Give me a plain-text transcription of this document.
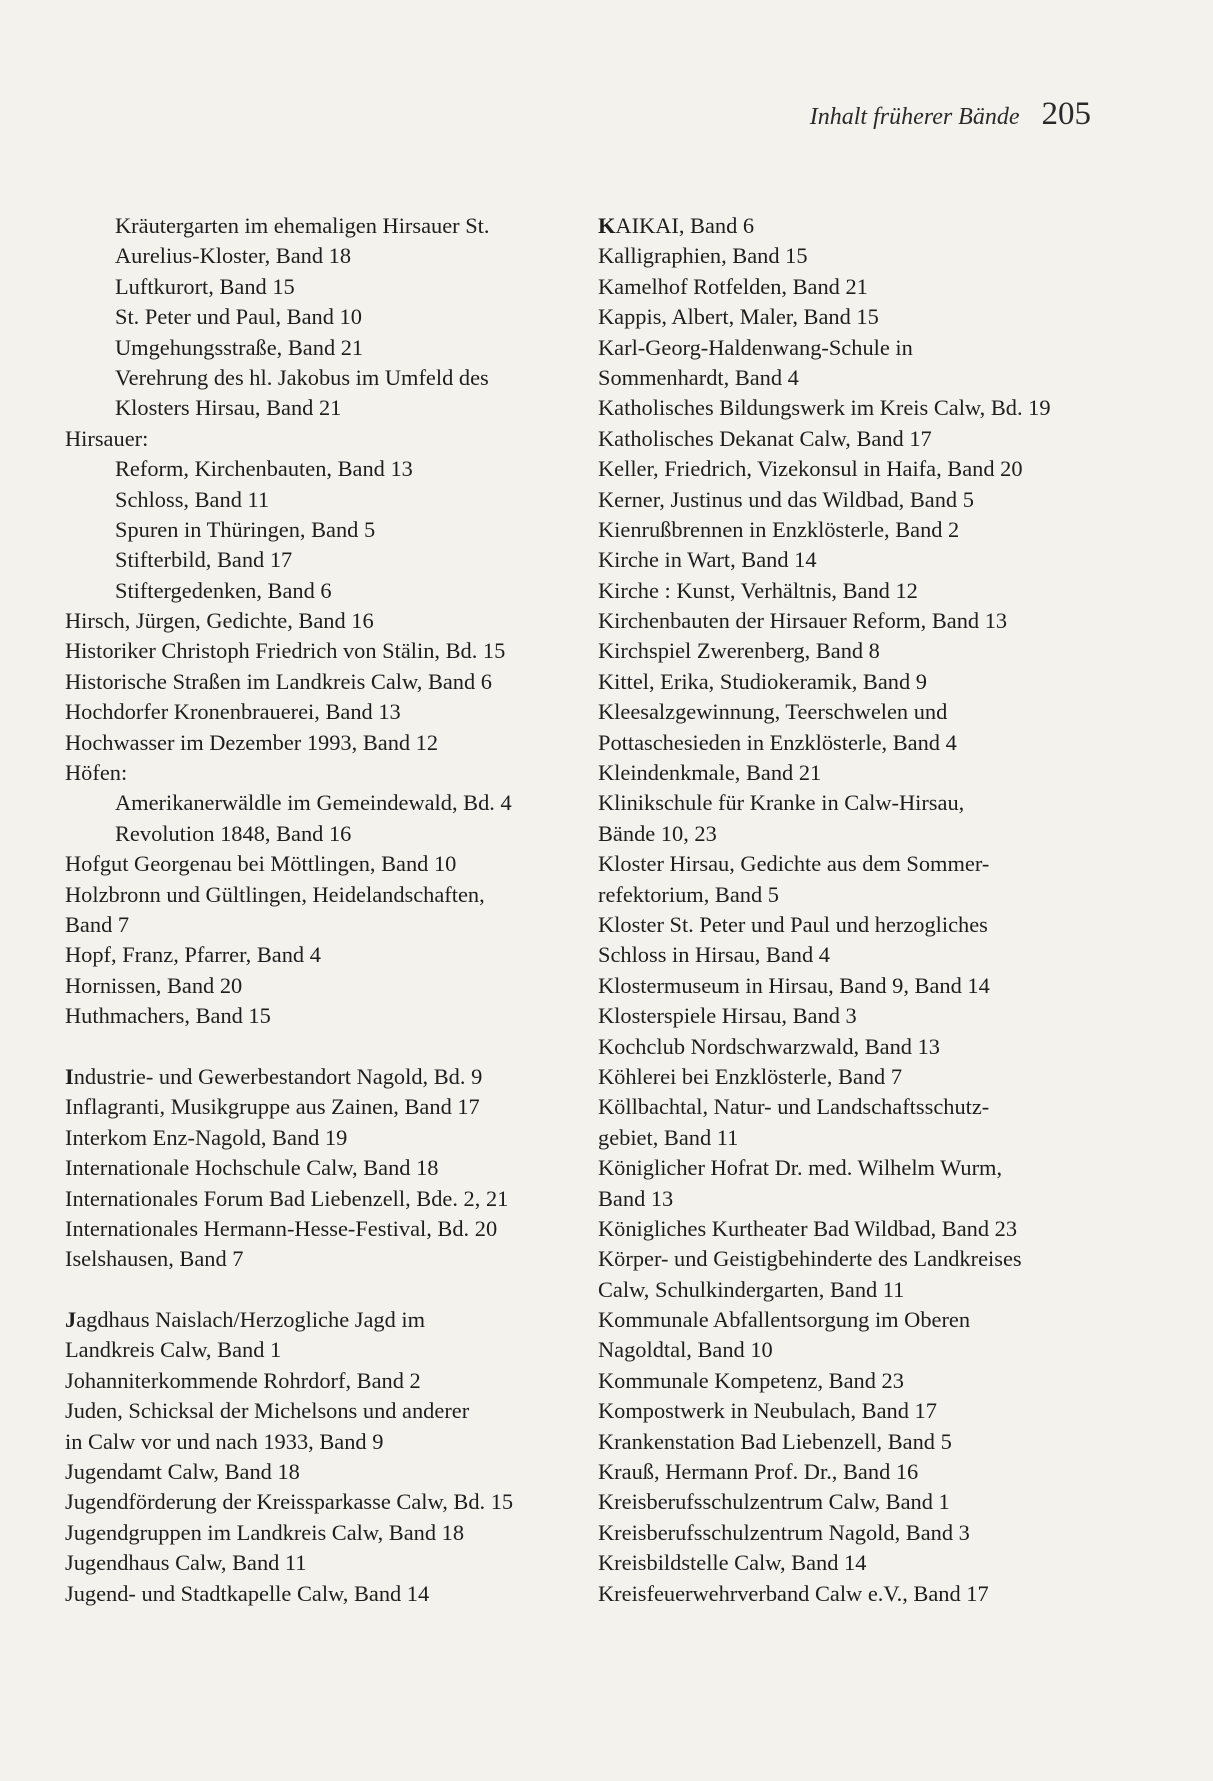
Inhalt früherer Bände 205
Kräutergarten im ehemaligen Hirsauer St.
Aurelius-Kloster, Band 18
Luftkurort, Band 15
St. Peter und Paul, Band 10
Umgehungsstraße, Band 21
Verehrung des hl. Jakobus im Umfeld des
Klosters Hirsau, Band 21
Hirsauer:
Reform, Kirchenbauten, Band 13
Schloss, Band 11
Spuren in Thüringen, Band 5
Stifterbild, Band 17
Stiftergedenken, Band 6
Hirsch, Jürgen, Gedichte, Band 16
Historiker Christoph Friedrich von Stälin, Bd. 15
Historische Straßen im Landkreis Calw, Band 6
Hochdorfer Kronenbrauerei, Band 13
Hochwasser im Dezember 1993, Band 12
Höfen:
Amerikanerwäldle im Gemeindewald, Bd. 4
Revolution 1848, Band 16
Hofgut Georgenau bei Möttlingen, Band 10
Holzbronn und Gültlingen, Heidelandschaften,
Band 7
Hopf, Franz, Pfarrer, Band 4
Hornissen, Band 20
Huthmachers, Band 15
Industrie- und Gewerbestandort Nagold, Bd. 9
Inflagranti, Musikgruppe aus Zainen, Band 17
Interkom Enz-Nagold, Band 19
Internationale Hochschule Calw, Band 18
Internationales Forum Bad Liebenzell, Bde. 2, 21
Internationales Hermann-Hesse-Festival, Bd. 20
Iselshausen, Band 7
Jagdhaus Naislach/Herzogliche Jagd im
Landkreis Calw, Band 1
Johanniterkommende Rohrdorf, Band 2
Juden, Schicksal der Michelsons und anderer
in Calw vor und nach 1933, Band 9
Jugendamt Calw, Band 18
Jugendförderung der Kreissparkasse Calw, Bd. 15
Jugendgruppen im Landkreis Calw, Band 18
Jugendhaus Calw, Band 11
Jugend- und Stadtkapelle Calw, Band 14
KAIKAI, Band 6
Kalligraphien, Band 15
Kamelhof Rotfelden, Band 21
Kappis, Albert, Maler, Band 15
Karl-Georg-Haldenwang-Schule in
Sommenhardt, Band 4
Katholisches Bildungswerk im Kreis Calw, Bd. 19
Katholisches Dekanat Calw, Band 17
Keller, Friedrich, Vizekonsul in Haifa, Band 20
Kerner, Justinus und das Wildbad, Band 5
Kienrußbrennen in Enzklösterle, Band 2
Kirche in Wart, Band 14
Kirche : Kunst, Verhältnis, Band 12
Kirchenbauten der Hirsauer Reform, Band 13
Kirchspiel Zwerenberg, Band 8
Kittel, Erika, Studiokeramik, Band 9
Kleesalzgewinnung, Teerschwelen und
Pottaschesieden in Enzklösterle, Band 4
Kleindenkmale, Band 21
Klinikschule für Kranke in Calw-Hirsau,
Bände 10, 23
Kloster Hirsau, Gedichte aus dem Sommer-
refektorium, Band 5
Kloster St. Peter und Paul und herzogliches
Schloss in Hirsau, Band 4
Klostermuseum in Hirsau, Band 9, Band 14
Klosterspiele Hirsau, Band 3
Kochclub Nordschwarzwald, Band 13
Köhlerei bei Enzklösterle, Band 7
Köllbachtal, Natur- und Landschaftsschutz-
gebiet, Band 11
Königlicher Hofrat Dr. med. Wilhelm Wurm,
Band 13
Königliches Kurtheater Bad Wildbad, Band 23
Körper- und Geistigbehinderte des Landkreises
Calw, Schulkindergarten, Band 11
Kommunale Abfallentsorgung im Oberen
Nagoldtal, Band 10
Kommunale Kompetenz, Band 23
Kompostwerk in Neubulach, Band 17
Krankenstation Bad Liebenzell, Band 5
Krauß, Hermann Prof. Dr., Band 16
Kreisberufsschulzentrum Calw, Band 1
Kreisberufsschulzentrum Nagold, Band 3
Kreisbildstelle Calw, Band 14
Kreisfeuerwehrverband Calw e.V., Band 17
